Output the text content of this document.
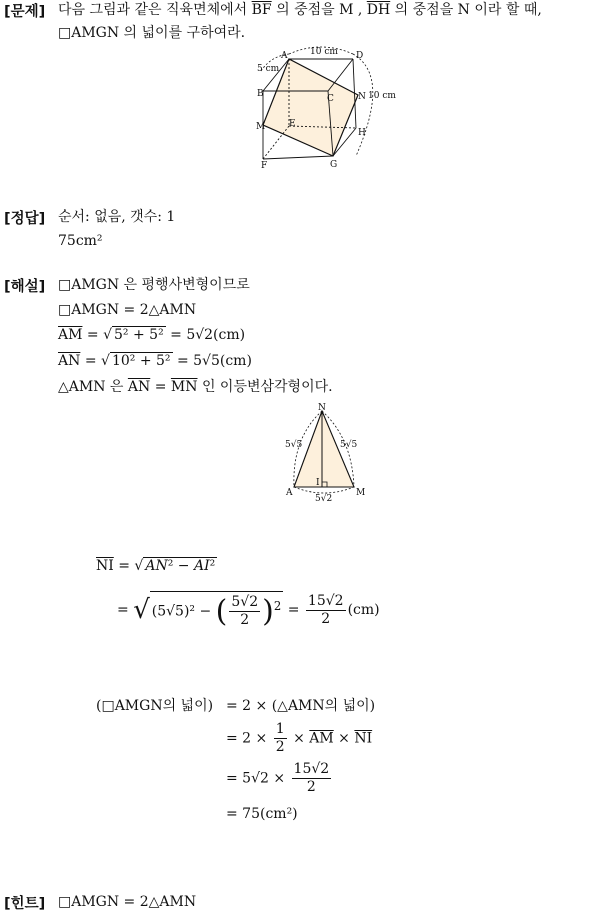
[문제] 다음 그림과 같은 직육면체에서 $\overline{BF}$ 의 중점을 M , $\overline{DH}$ 의 중점을 N 이라 할 때,
□AMGN 의 넓이를 구하여라.
A	D
B	C	N
M	E
H
F	G
10 cm
5 cm
10 cm
[정답] 순서: 없음, 갯수: 1
75cm²
[해설] □AMGN 은 평행사변형이므로
□AMGN = 2△AMN
$\overline{AM}$ = √ 5² + 5² = 5√2(cm)
$\overline{AN}$ = √ 10² + 5² = 5√5(cm)
△AMN 은 $\overline{AN} = \overline{MN}$ 인 이등변삼각형이다.
N
A	M
I
5√5	5√5
5√2
$\overline{NI}$ = √ $AN^2 - \overline{AI}^2$
= √ (5√5)² − ( $\frac{5√2}{2} )^2 = \frac{15√2}{2} (cm)$
(□AMGN의 넓이) = 2 × (△AMN의 넓이)
= $2 \times \frac{1}{2} \times \overline{AM} \times \overline{NI}$
= $5√2 \times \frac{15√2}{2}$
= 75(cm²)
[힌트] □AMGN = 2△AMN
